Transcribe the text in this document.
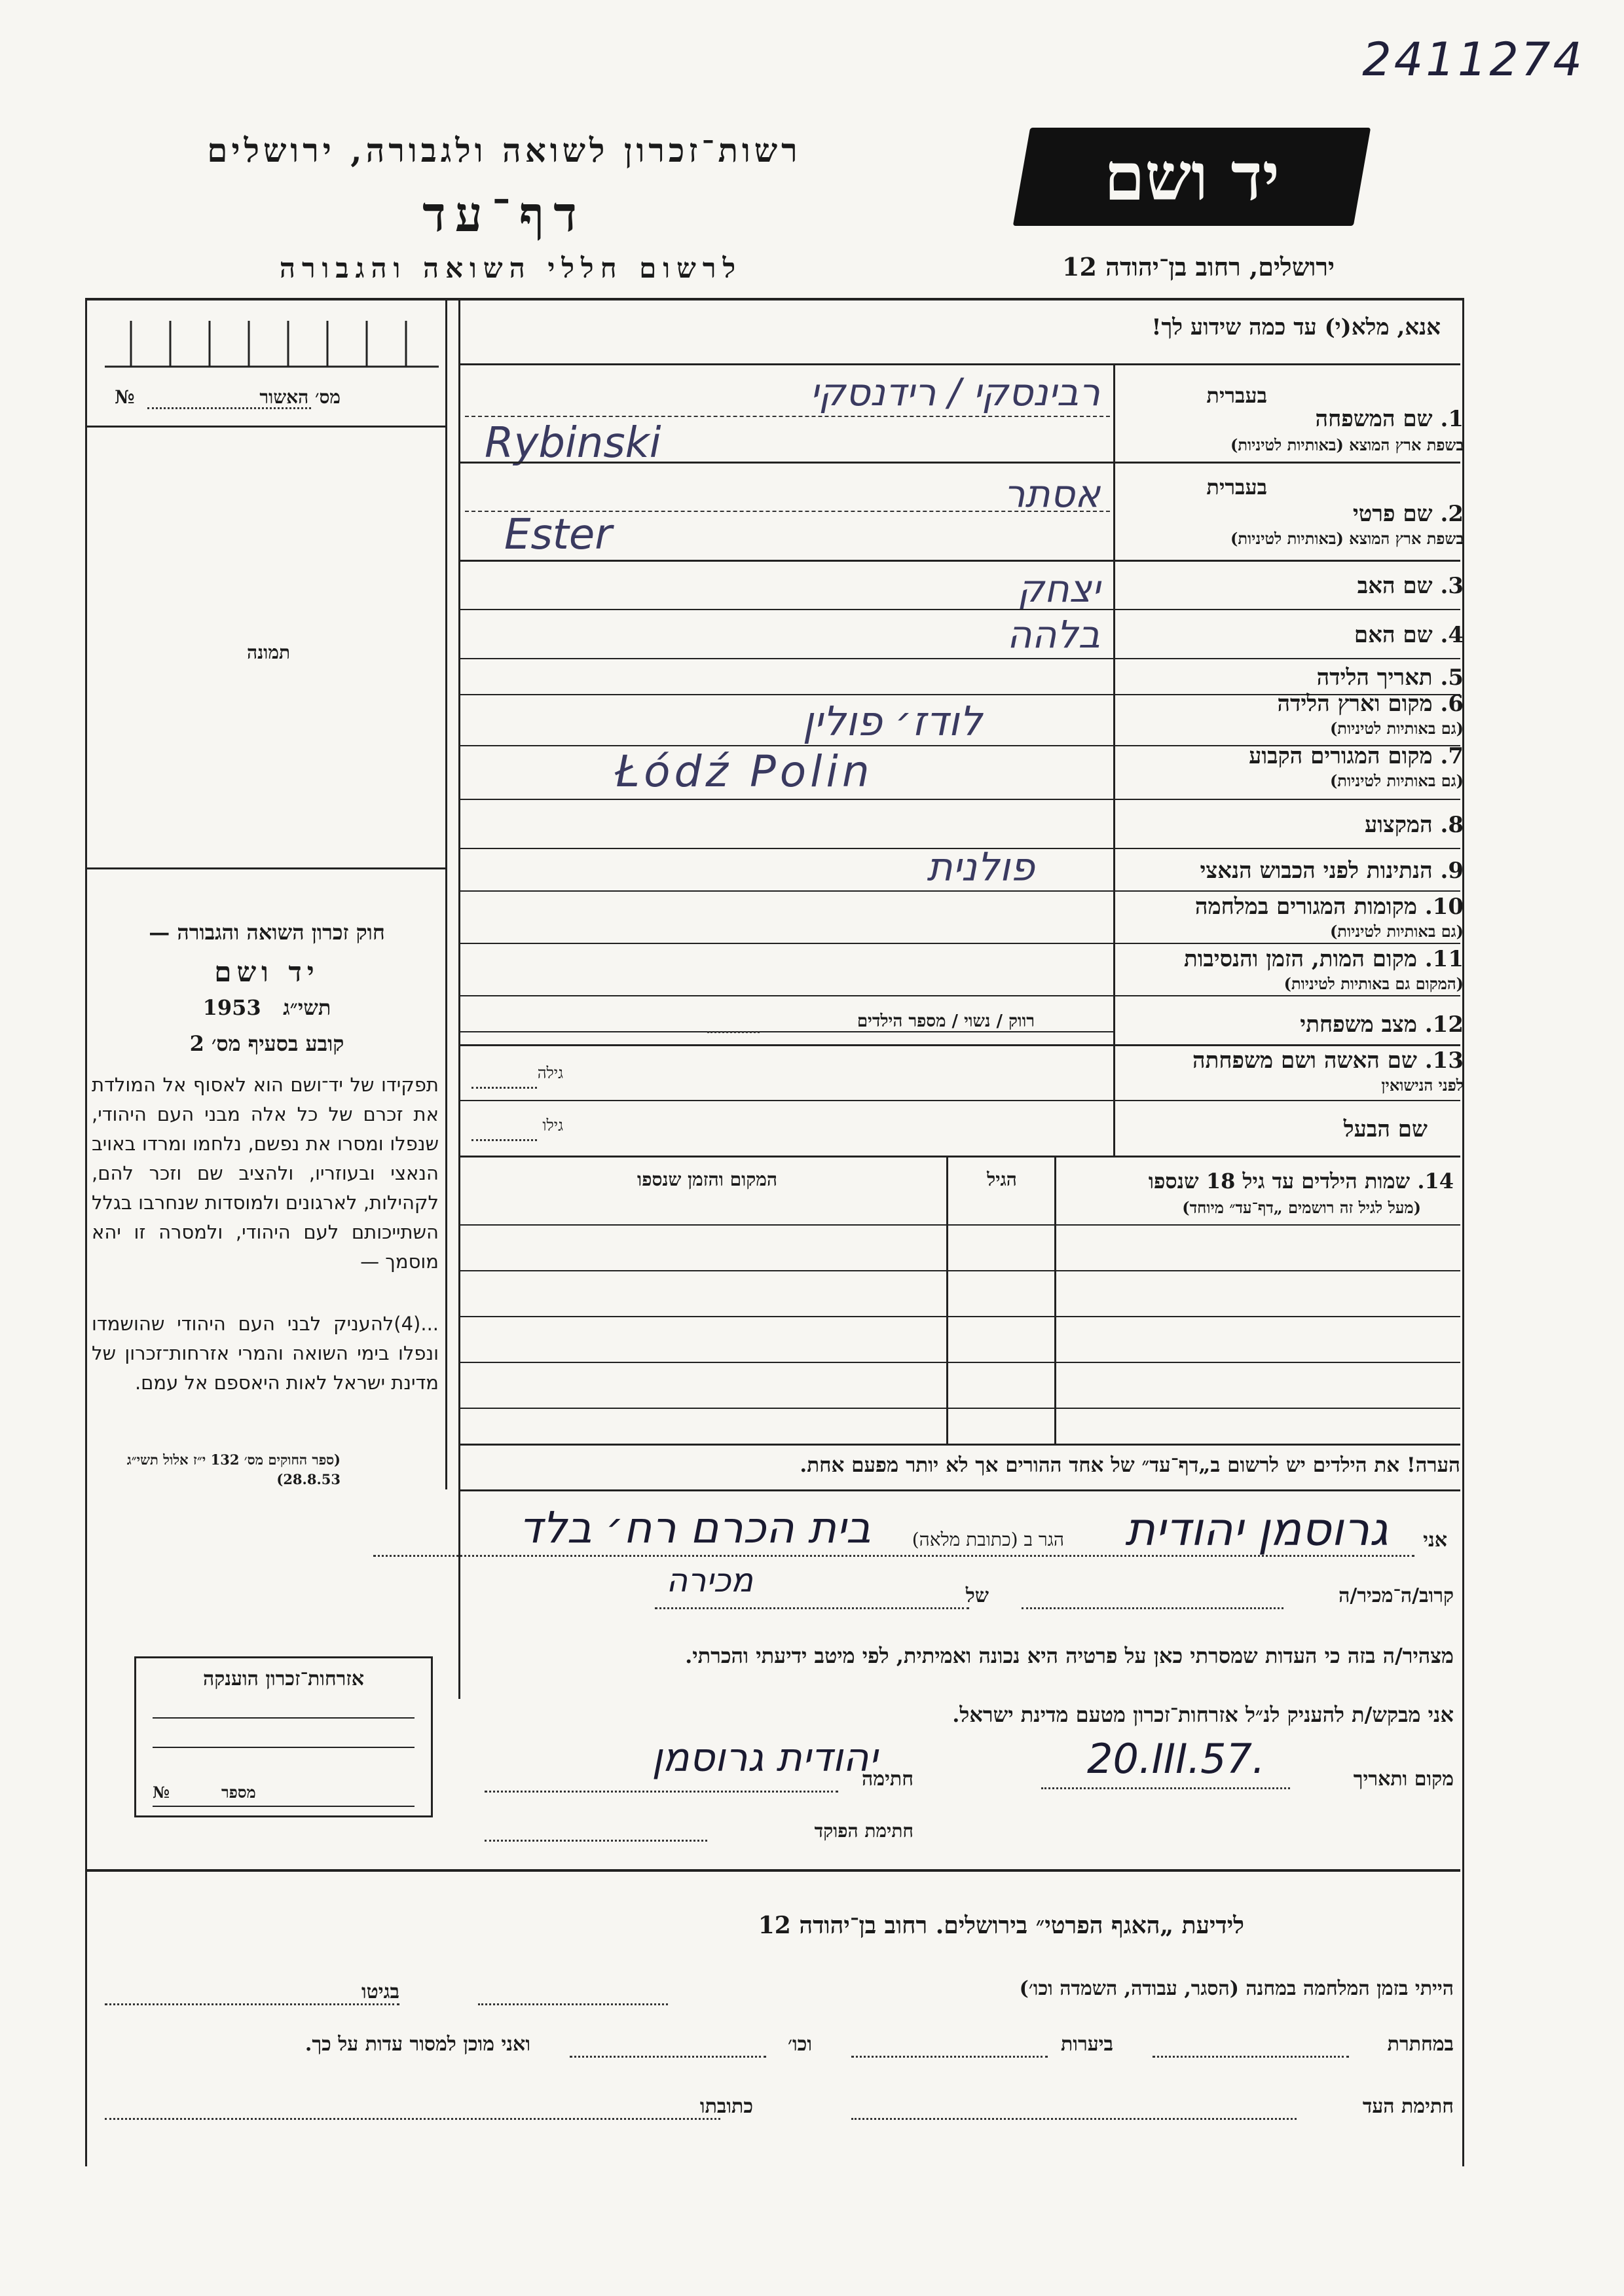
2411274
רשות־זכרון לשואה ולגבורה, ירושלים
דף־עד
לרשום חללי השואה והגבורה
יד ושם
ירושלים, רחוב בן־יהודה 12
מס׳ האשור
№
תמונה
חוק זכרון השואה והגבורה —
יד ושם
1953 תשי״ג
קובע בסעיף מס׳ 2
תפקידו של יד־ושם הוא לאסוף אל המולדת את זכרם של כל אלה מבני העם היהודי, שנפלו ומסרו את נפשם, נלחמו ומרדו באויב הנאצי ובעוזריו, ולהציב שם וזכר להם, לקהילות, לארגונים ולמוסדות שנחרבו בגלל השתייכותם לעם היהודי, ולמסרה זו יהא מוסמך —
...(4)להעניק לבני העם היהודי שהושמדו ונפלו בימי השואה והמרי אזרחות־זכרון של מדינת ישראל לאות היאספם אל עמם.
(ספר החוקים מס׳ 132 י״ז אלול תשי״ג 28.8.53)
אנא, מלא(י) עד כמה שידוע לך!
בעברית
1. שם המשפחה
בשפת ארץ המוצא (באותיות לטיניות)
רבינסקי / רידנסקי
Rybinski
בעברית
2. שם פרטי
בשפת ארץ המוצא (באותיות לטיניות)
אסתר
Ester
3. שם האב
יצחק
4. שם האם
בלהה
5. תאריך הלידה
6. מקום וארץ הלידה
(גם באותיות לטיניות)
לודז׳ פולין
7. מקום המגורים הקבוע
(גם באותיות לטיניות)
Łódź Polin
8. המקצוע
9. הנתינות לפני הכבוש הנאצי
פולנית
10. מקומות המגורים במלחמה
(גם באותיות לטיניות)
11. מקום המות, הזמן והנסיבות
(המקום גם באותיות לטיניות)
12. מצב משפחתי
רווק / נשוי / מספר הילדים
13. שם האשה ושם משפחתה
לפני הנישואין
גילה
שם הבעל
גילו
14. שמות הילדים עד גיל 18 שנספו
(מעל לגיל זה רושמים „דף־עד״ מיוחד)
הגיל
המקום והזמן שנספו
הערה! את הילדים יש לרשום ב„דף־עד״ של אחד ההורים אך לא יותר מפעם אחת.
אני
גרוסמן יהודית
הגר ב (כתובת מלאה)
בית הכרם רח׳ בלד
קרוב/ה־מכיר/ה
של
מכירה
מצהיר/ה בזה כי העדות שמסרתי כאן על פרטיה היא נכונה ואמיתית, לפי מיטב ידיעתי והכרתי.
אזרחות־זכרון הוענקה
№	מספר
אני מבקש/ת להעניק לנ״ל אזרחות־זכרון מטעם מדינת ישראל.
מקום ותאריך
20.III.57.
חתימה
יהודית גרוסמן
חתימת הפוקד
לידיעת „האגף הפרטי״ בירושלים. רחוב בן־יהודה 12
הייתי בזמן המלחמה במחנה (הסגר, עבודה, השמדה וכו׳)
בגיטו
במחתרת
ביערות
וכו׳
ואני מוכן למסור עדות על כך.
חתימת העד
כתובתו
